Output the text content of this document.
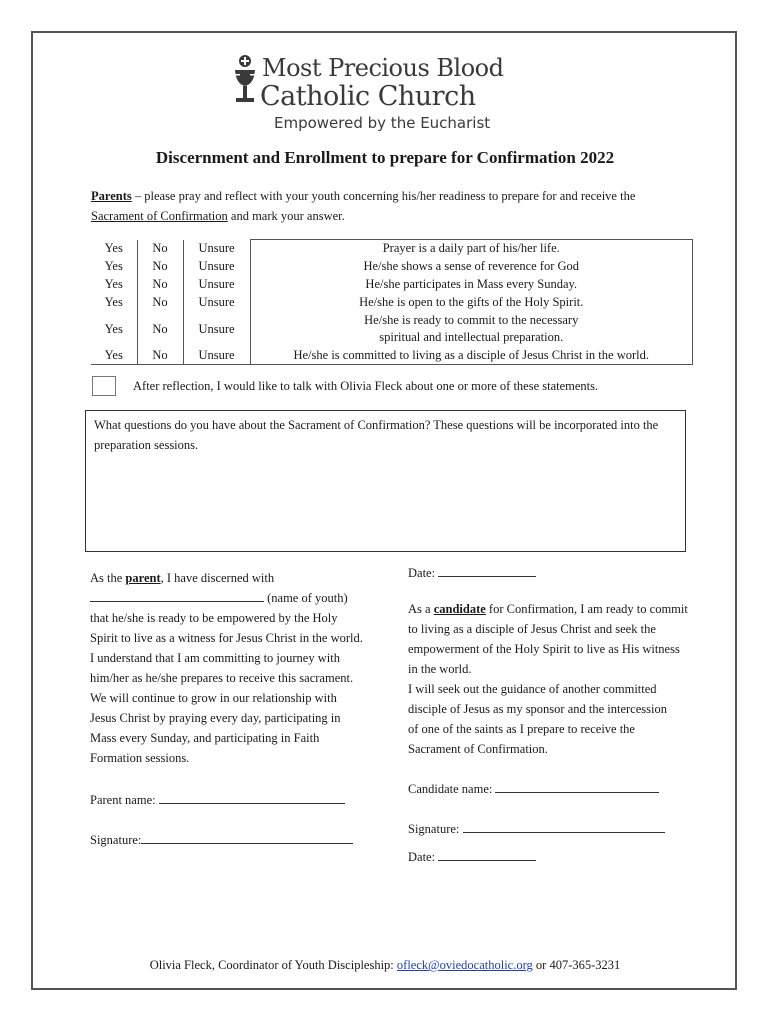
Most Precious Blood
Catholic Church
Empowered by the Eucharist
Discernment and Enrollment to prepare for Confirmation 2022
Parents – please pray and reflect with your youth concerning his/her readiness to prepare for and receive the Sacrament of Confirmation and mark your answer.
Yes	No	Unsure	Prayer is a daily part of his/her life.
Yes	No	Unsure	He/she shows a sense of reverence for God
Yes	No	Unsure	He/she participates in Mass every Sunday.
Yes	No	Unsure	He/she is open to the gifts of the Holy Spirit.
Yes	No	Unsure	He/she is ready to commit to the necessary
spiritual and intellectual preparation.

Yes	No	Unsure	He/she is committed to living as a disciple of Jesus Christ in the world.
After reflection, I would like to talk with Olivia Fleck about one or more of these statements.
What questions do you have about the Sacrament of Confirmation? These questions will be incorporated into the preparation sessions.
As the parent, I have discerned with
(name of youth)
that he/she is ready to be empowered by the Holy Spirit to live as a witness for Jesus Christ in the world. I understand that I am committing to journey with him/her as he/she prepares to receive this sacrament. We will continue to grow in our relationship with Jesus Christ by praying every day, participating in Mass every Sunday, and participating in Faith Formation sessions.
Parent name:
Signature:
Date:
As a candidate for Confirmation, I am ready to commit to living as a disciple of Jesus Christ and seek the empowerment of the Holy Spirit to live as His witness in the world.
I will seek out the guidance of another committed disciple of Jesus as my sponsor and the intercession of one of the saints as I prepare to receive the Sacrament of Confirmation.
Candidate name:
Signature:
Date:
Olivia Fleck, Coordinator of Youth Discipleship: ofleck@oviedocatholic.org or 407-365-3231
